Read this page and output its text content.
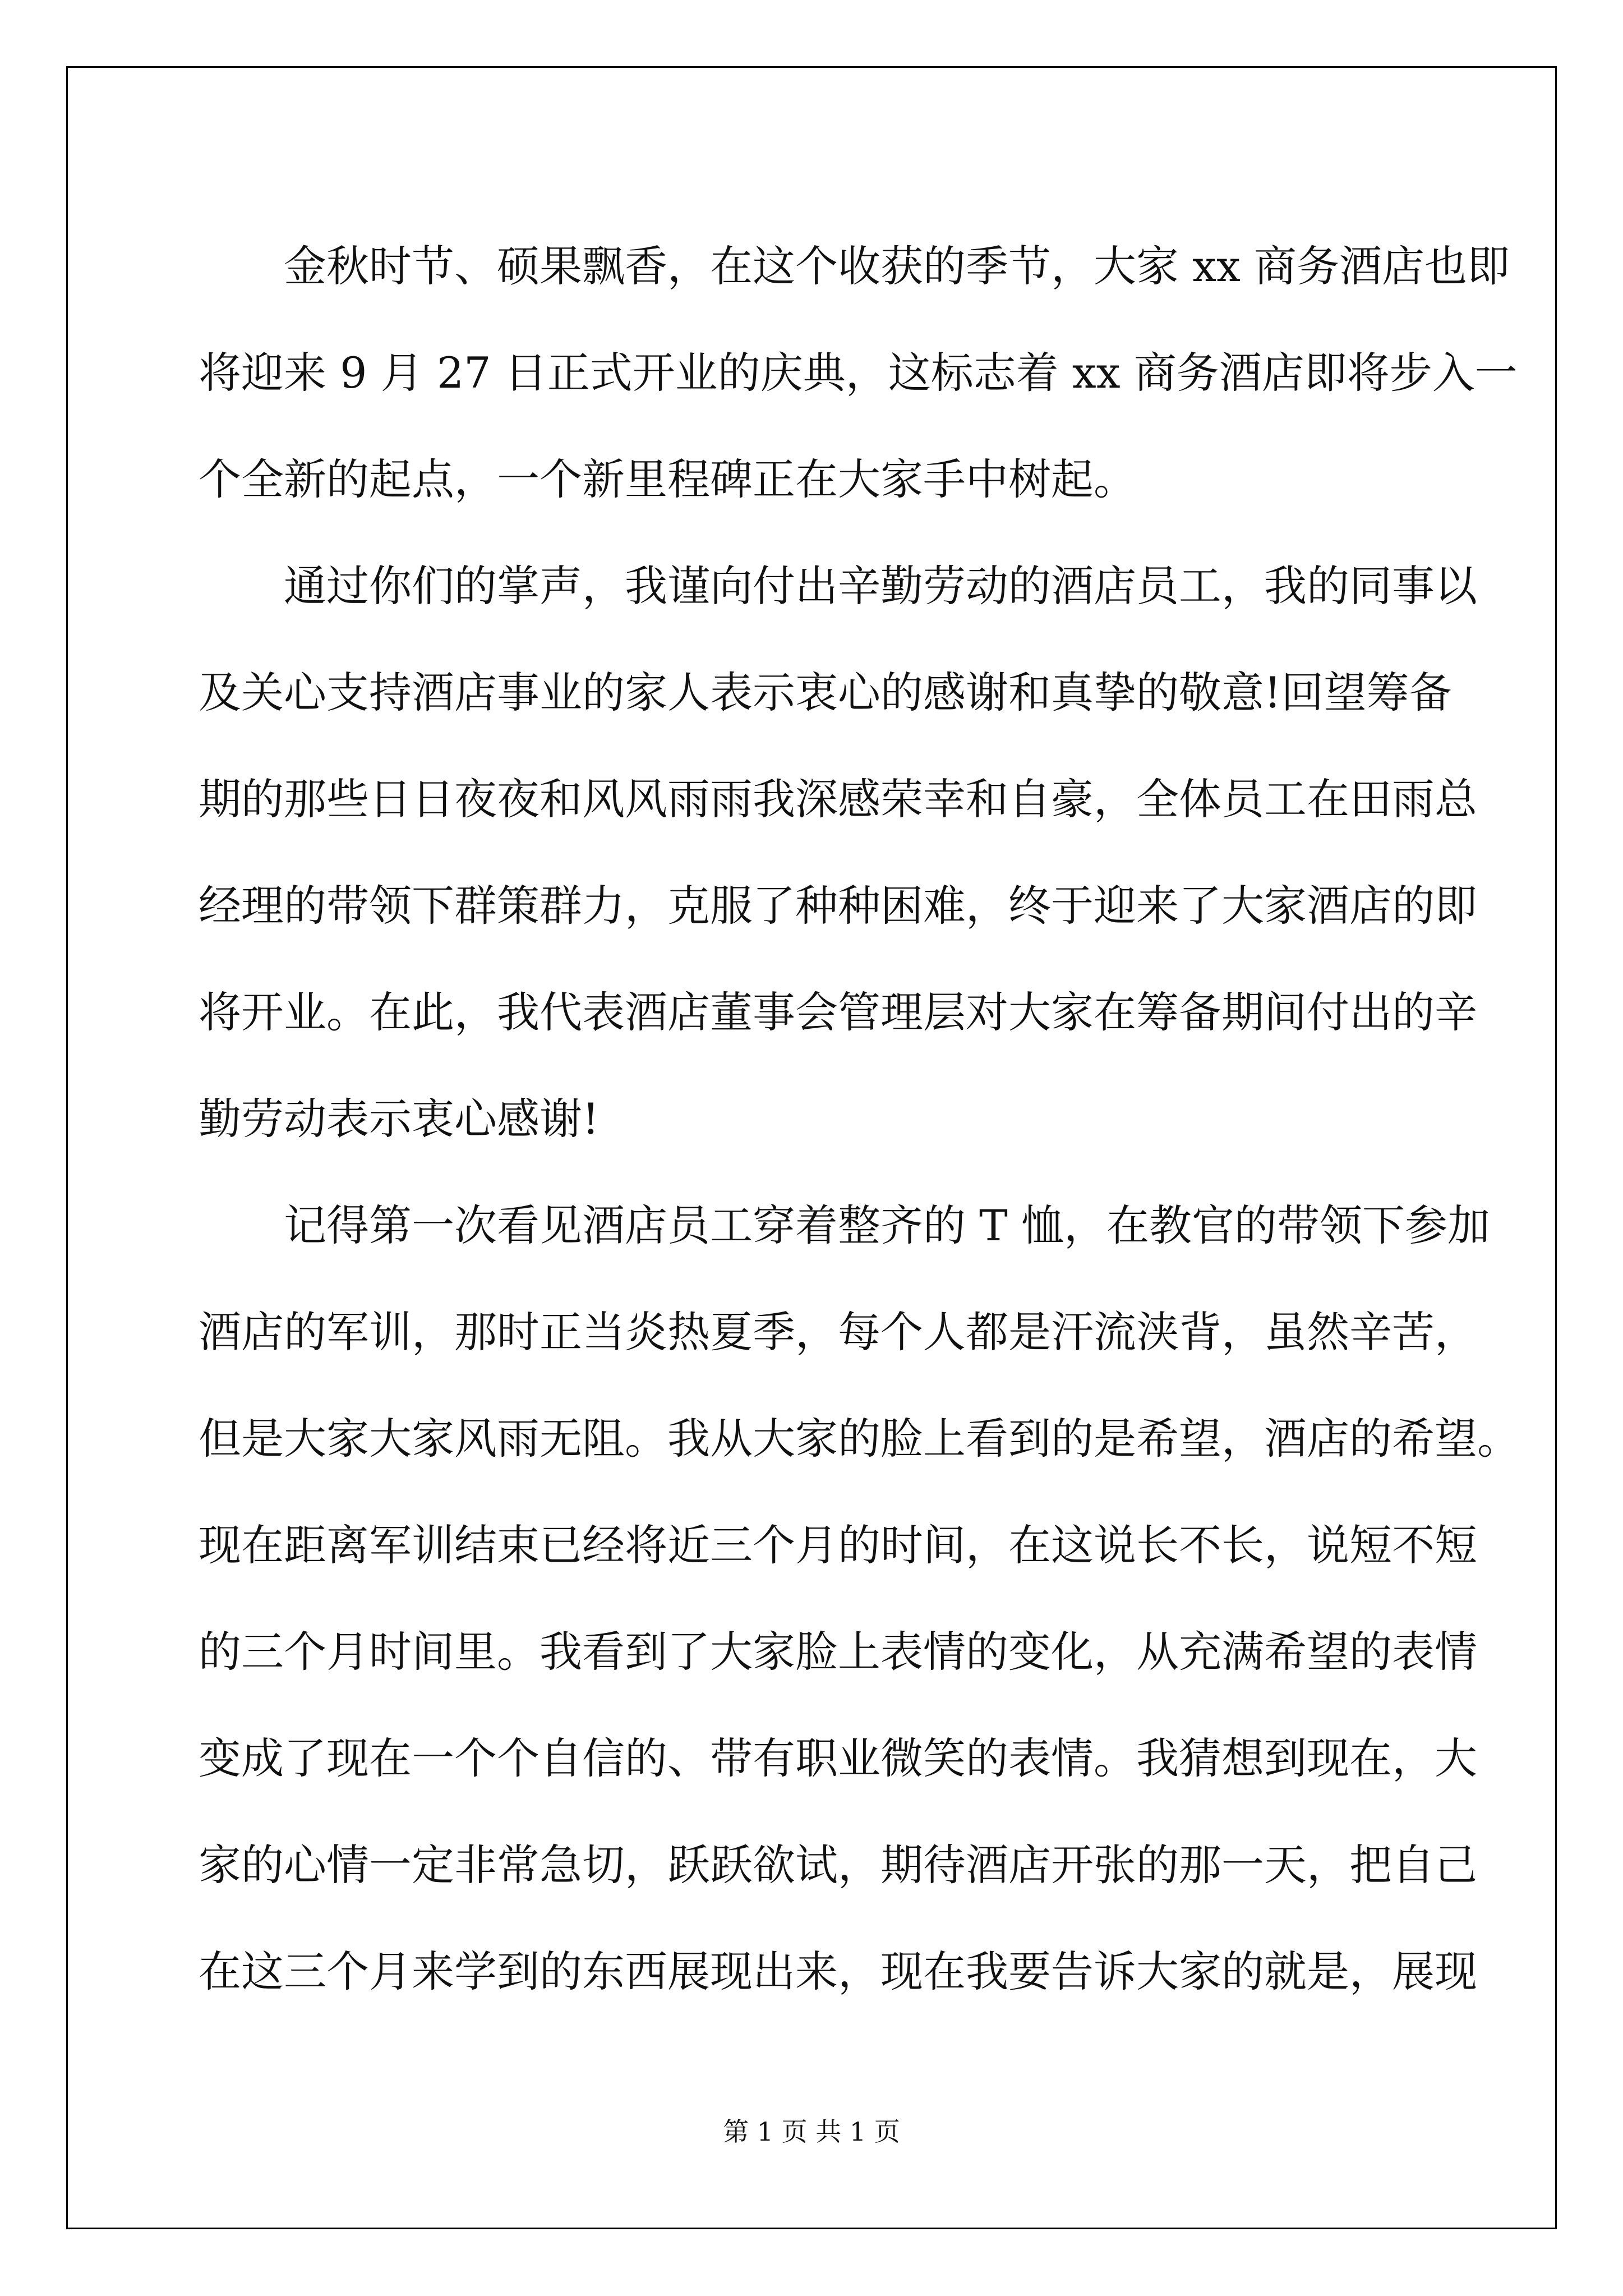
金秋时节、硕果飘香，在这个收获的季节，大家 xx 商务酒店也即
将迎来 9 月 27 日正式开业的庆典，这标志着 xx 商务酒店即将步入一
个全新的起点，一个新里程碑正在大家手中树起。
通过你们的掌声，我谨向付出辛勤劳动的酒店员工，我的同事以
及关心支持酒店事业的家人表示衷心的感谢和真挚的敬意!回望筹备
期的那些日日夜夜和风风雨雨我深感荣幸和自豪，全体员工在田雨总
经理的带领下群策群力，克服了种种困难，终于迎来了大家酒店的即
将开业。在此，我代表酒店董事会管理层对大家在筹备期间付出的辛
勤劳动表示衷心感谢!
记得第一次看见酒店员工穿着整齐的 T 恤，在教官的带领下参加
酒店的军训，那时正当炎热夏季，每个人都是汗流浃背，虽然辛苦，
但是大家大家风雨无阻。我从大家的脸上看到的是希望，酒店的希望。
现在距离军训结束已经将近三个月的时间，在这说长不长，说短不短
的三个月时间里。我看到了大家脸上表情的变化，从充满希望的表情
变成了现在一个个自信的、带有职业微笑的表情。我猜想到现在，大
家的心情一定非常急切，跃跃欲试，期待酒店开张的那一天，把自己
在这三个月来学到的东西展现出来，现在我要告诉大家的就是，展现
第 1 页 共 1 页
